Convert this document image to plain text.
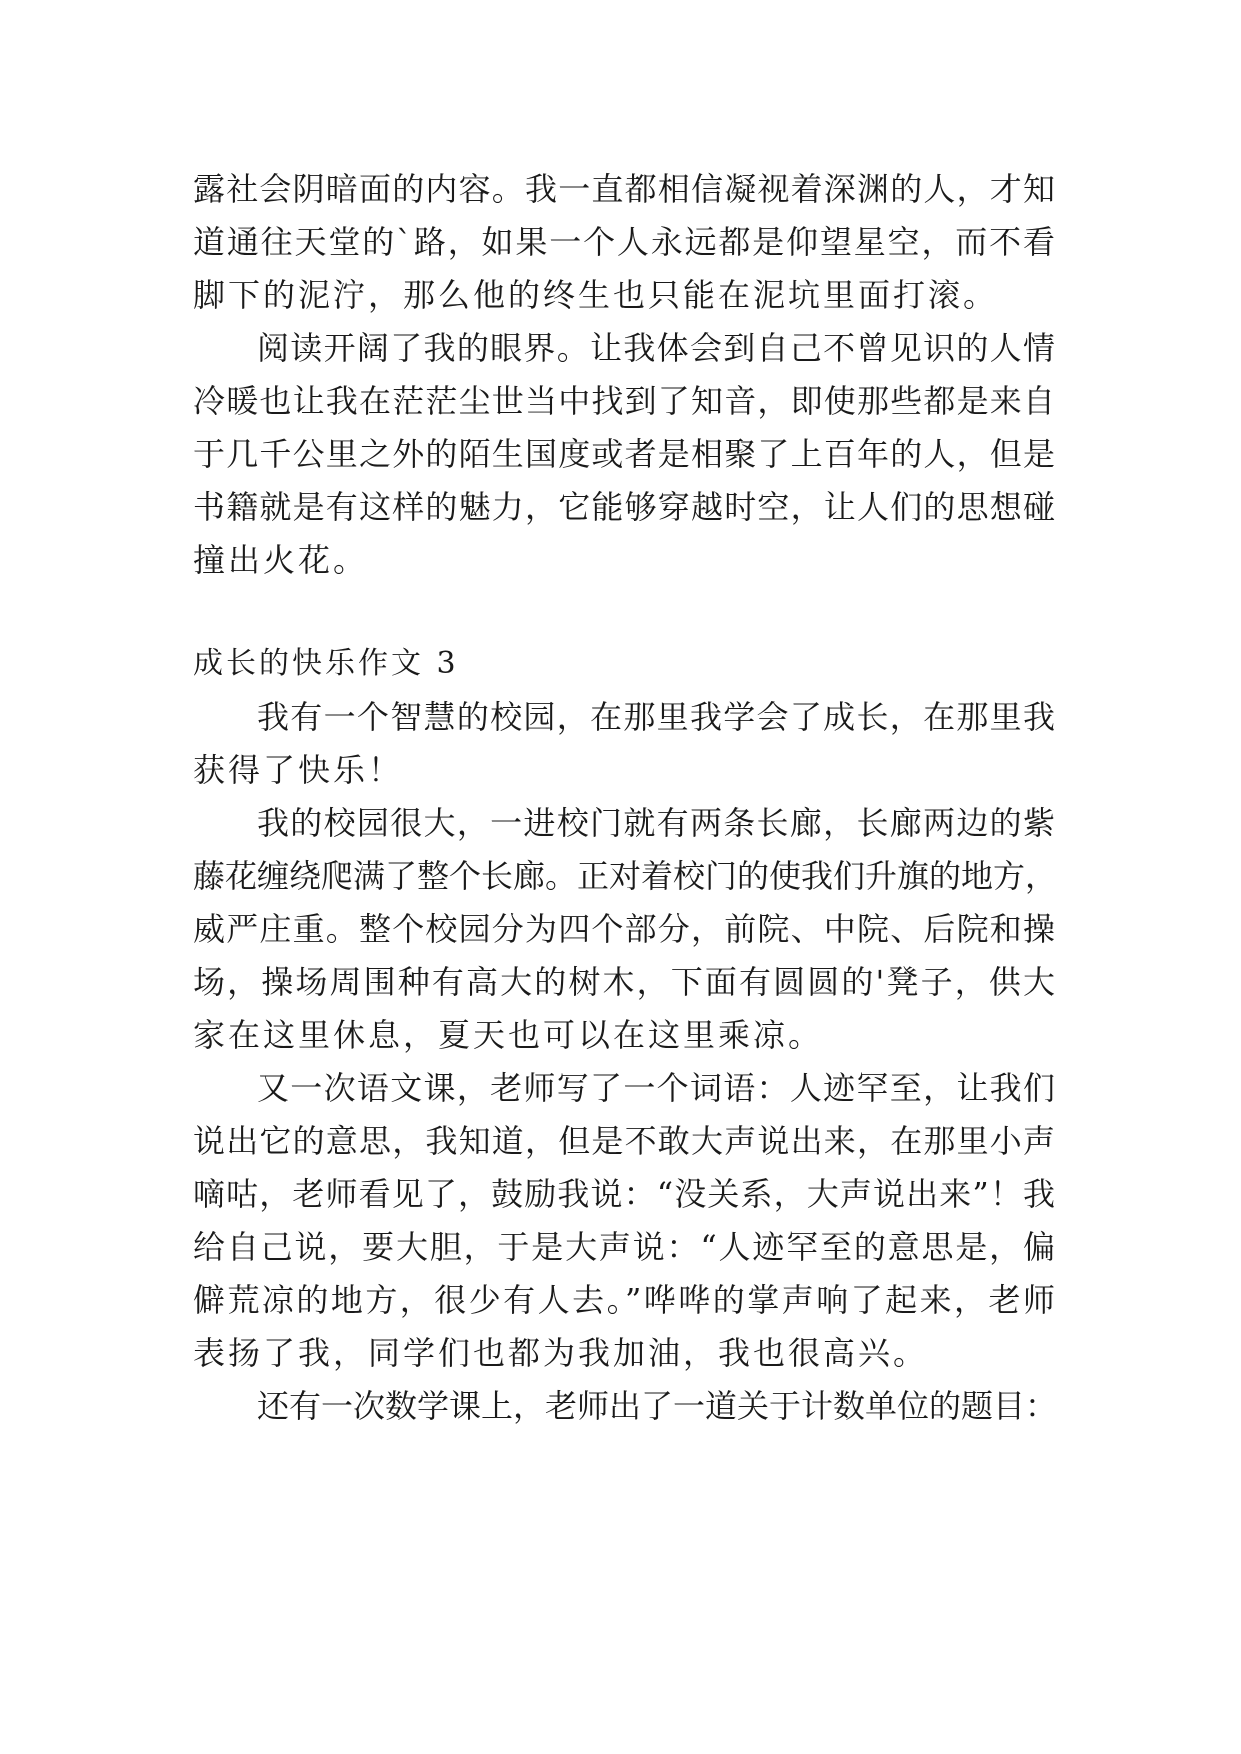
露社会阴暗面的内容。我一直都相信凝视着深渊的人，才知
道通往天堂的`路，如果一个人永远都是仰望星空，而不看
脚下的泥泞，那么他的终生也只能在泥坑里面打滚。
阅读开阔了我的眼界。让我体会到自己不曾见识的人情
冷暖也让我在茫茫尘世当中找到了知音，即使那些都是来自
于几千公里之外的陌生国度或者是相聚了上百年的人，但是
书籍就是有这样的魅力，它能够穿越时空，让人们的思想碰
撞出火花。
成长的快乐作文 3
我有一个智慧的校园，在那里我学会了成长，在那里我
获得了快乐！
我的校园很大，一进校门就有两条长廊，长廊两边的紫
藤花缠绕爬满了整个长廊。正对着校门的使我们升旗的地方，
威严庄重。整个校园分为四个部分，前院、中院、后院和操
场，操场周围种有高大的树木，下面有圆圆的'凳子，供大
家在这里休息，夏天也可以在这里乘凉。
又一次语文课，老师写了一个词语：人迹罕至，让我们
说出它的意思，我知道，但是不敢大声说出来，在那里小声
嘀咕，老师看见了，鼓励我说：“没关系，大声说出来”！我
给自己说，要大胆，于是大声说：“人迹罕至的意思是，偏
僻荒凉的地方，很少有人去。”哗哗的掌声响了起来，老师
表扬了我，同学们也都为我加油，我也很高兴。
还有一次数学课上，老师出了一道关于计数单位的题目：
